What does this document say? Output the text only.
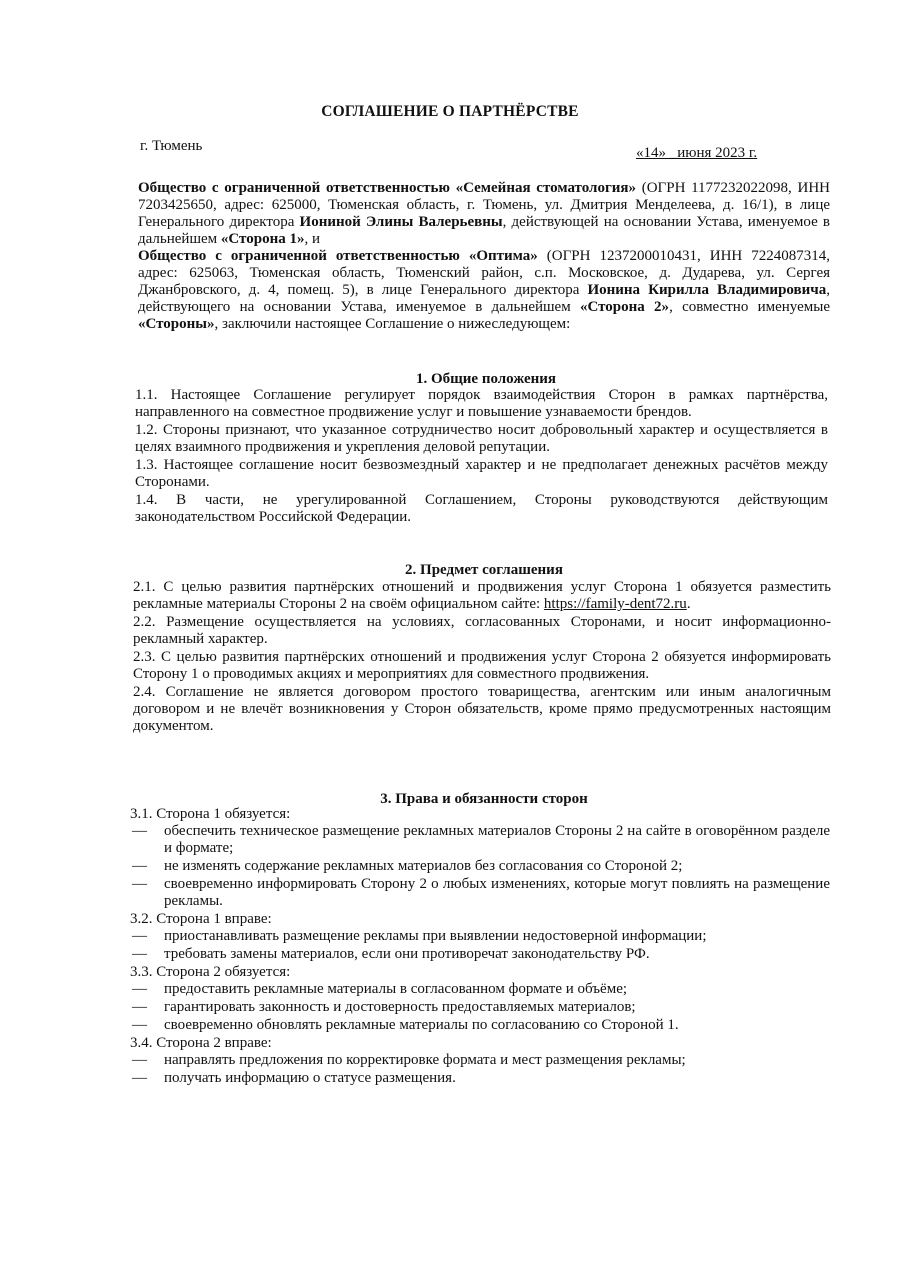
СОГЛАШЕНИЕ О ПАРТНЁРСТВЕ
г. Тюмень	«14» _июня 2023 г.

Общество с ограниченной ответственностью «Семейная стоматология» (ОГРН 1177232022098, ИНН 7203425650, адрес: 625000, Тюменская область, г. Тюмень, ул. Дмитрия Менделеева, д. 16/1), в лице Генерального директора Иониной Элины Валерьевны, действующей на основании Устава, именуемое в дальнейшем «Сторона 1», и

Общество с ограниченной ответственностью «Оптима» (ОГРН 1237200010431, ИНН 7224087314, адрес: 625063, Тюменская область, Тюменский район, с.п. Московское, д. Дударева, ул. Сергея Джанбровского, д. 4, помещ. 5), в лице Генерального директора Ионина Кирилла Владимировича, действующего на основании Устава, именуемое в дальнейшем «Сторона 2», совместно именуемые «Стороны», заключили настоящее Соглашение о нижеследующем:

1. Общие положения

1.1. Настоящее Соглашение регулирует порядок взаимодействия Сторон в рамках партнёрства, направленного на совместное продвижение услуг и повышение узнаваемости брендов.

1.2. Стороны признают, что указанное сотрудничество носит добровольный характер и осуществляется в целях взаимного продвижения и укрепления деловой репутации.

1.3. Настоящее соглашение носит безвозмездный характер и не предполагает денежных расчётов между Сторонами.

1.4. В части, не урегулированной Соглашением, Стороны руководствуются действующим законодательством Российской Федерации.

2. Предмет соглашения

2.1. С целью развития партнёрских отношений и продвижения услуг Сторона 1 обязуется разместить рекламные материалы Стороны 2 на своём официальном сайте: https://family-dent72.ru.

2.2. Размещение осуществляется на условиях, согласованных Сторонами, и носит информационно-рекламный характер.

2.3. С целью развития партнёрских отношений и продвижения услуг Сторона 2 обязуется информировать Сторону 1 о проводимых акциях и мероприятиях для совместного продвижения.

2.4. Соглашение не является договором простого товарищества, агентским или иным аналогичным договором и не влечёт возникновения у Сторон обязательств, кроме прямо предусмотренных настоящим документом.

3. Права и обязанности сторон

3.1. Сторона 1 обязуется:

—	обеспечить техническое размещение рекламных материалов Стороны 2 на сайте в оговорённом разделе и формате;
—	не изменять содержание рекламных материалов без согласования со Стороной 2;
—	своевременно информировать Сторону 2 о любых изменениях, которые могут повлиять на размещение рекламы.

3.2. Сторона 1 вправе:

—	приостанавливать размещение рекламы при выявлении недостоверной информации;
—	требовать замены материалов, если они противоречат законодательству РФ.

3.3. Сторона 2 обязуется:

—	предоставить рекламные материалы в согласованном формате и объёме;
—	гарантировать законность и достоверность предоставляемых материалов;
—	своевременно обновлять рекламные материалы по согласованию со Стороной 1.

3.4. Сторона 2 вправе:

—	направлять предложения по корректировке формата и мест размещения рекламы;
—	получать информацию о статусе размещения.
